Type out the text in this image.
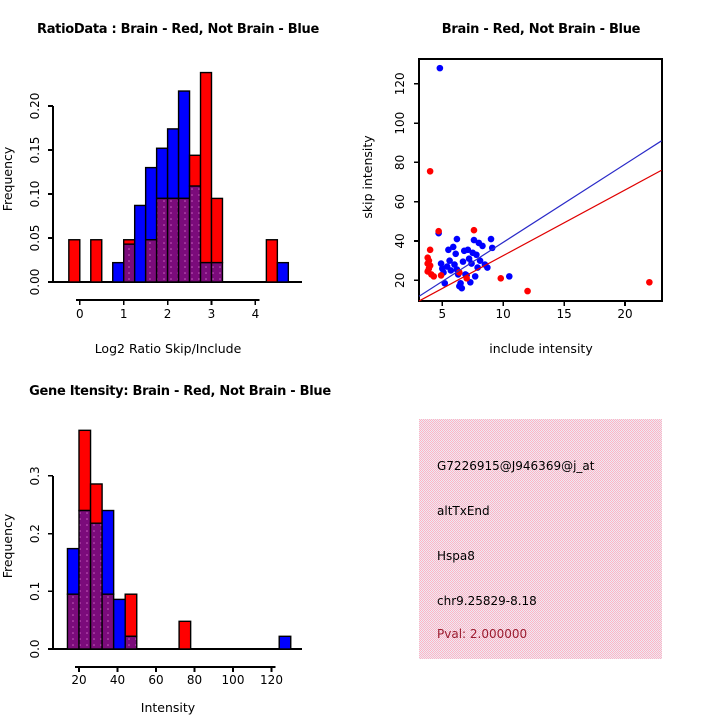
0.00
0.05
0.10
0.15
0.20
0	1	2	3	4
RatioData : Brain - Red, Not Brain - Blue
Log2 Ratio Skip/Include
Frequency
5	10	15	20
20
40
60
80
100
120
Brain - Red, Not Brain - Blue
include intensity
skip intensity
0.0
0.1
0.2
0.3
20 40 60 80 100 120
Gene Itensity: Brain - Red, Not Brain - Blue
Intensity
Frequency
G7226915@J946369@j_at
altTxEnd
Hspa8
chr9.25829-8.18
Pval: 2.000000
